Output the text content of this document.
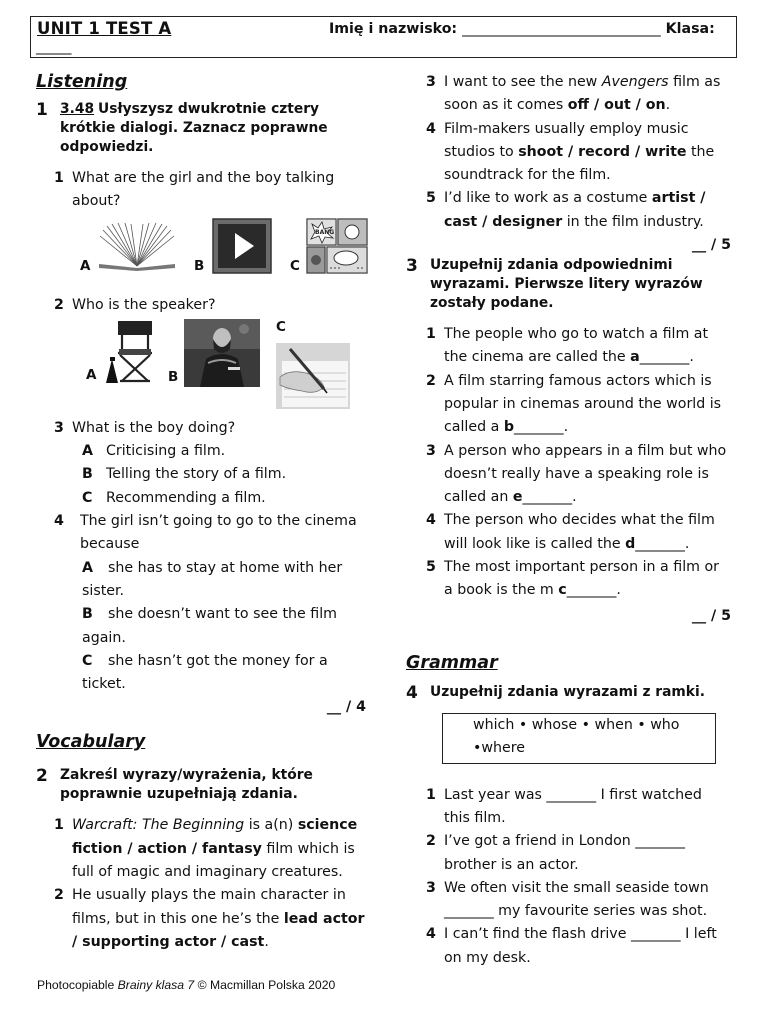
UNIT 1 TEST A	Imię i nazwisko: ____________________________ Klasa:
_____
Listening
1 3.48 Usłyszysz dwukrotnie cztery krótkie dialogi. Zaznacz poprawne odpowiedzi.
1 What are the girl and the boy talking about?
A	B	C
BANG
2 Who is the speaker?
A	B
C
3 What is the boy doing?
A Criticising a film.
B Telling the story of a film.
C Recommending a film.
4	The girl isn’t going to go to the cinema because
A she has to stay at home with her sister.
B she doesn’t want to see the film again.
C she hasn’t got the money for a ticket.
__ / 4
Vocabulary
2 Zakreśl wyrazy/wyrażenia, które poprawnie uzupełniają zdania.
1 Warcraft: The Beginning is a(n) science fiction / action / fantasy film which is full of magic and imaginary creatures.
2 He usually plays the main character in films, but in this one he’s the lead actor / supporting actor / cast.
3 I want to see the new Avengers film as soon as it comes off / out / on.
4 Film-makers usually employ music studios to shoot / record / write the soundtrack for the film.
5 I’d like to work as a costume artist / cast / designer in the film industry.
__ / 5
3 Uzupełnij zdania odpowiednimi wyrazami. Pierwsze litery wyrazów zostały podane.
1 The people who go to watch a film at the cinema are called the a_______.
2 A film starring famous actors which is popular in cinemas around the world is called a b_______.
3 A person who appears in a film but who doesn’t really have a speaking role is called an e_______.
4 The person who decides what the film will look like is called the d_______.
5 The most important person in a film or a book is the m c_______.
__ / 5
Grammar
4 Uzupełnij zdania wyrazami z ramki.
which • whose • when • who
•where
1 Last year was _______ I first watched this film.
2 I’ve got a friend in London _______ brother is an actor.
3 We often visit the small seaside town _______ my favourite series was shot.
4 I can’t find the flash drive _______ I left on my desk.
Photocopiable Brainy klasa 7 © Macmillan Polska 2020
